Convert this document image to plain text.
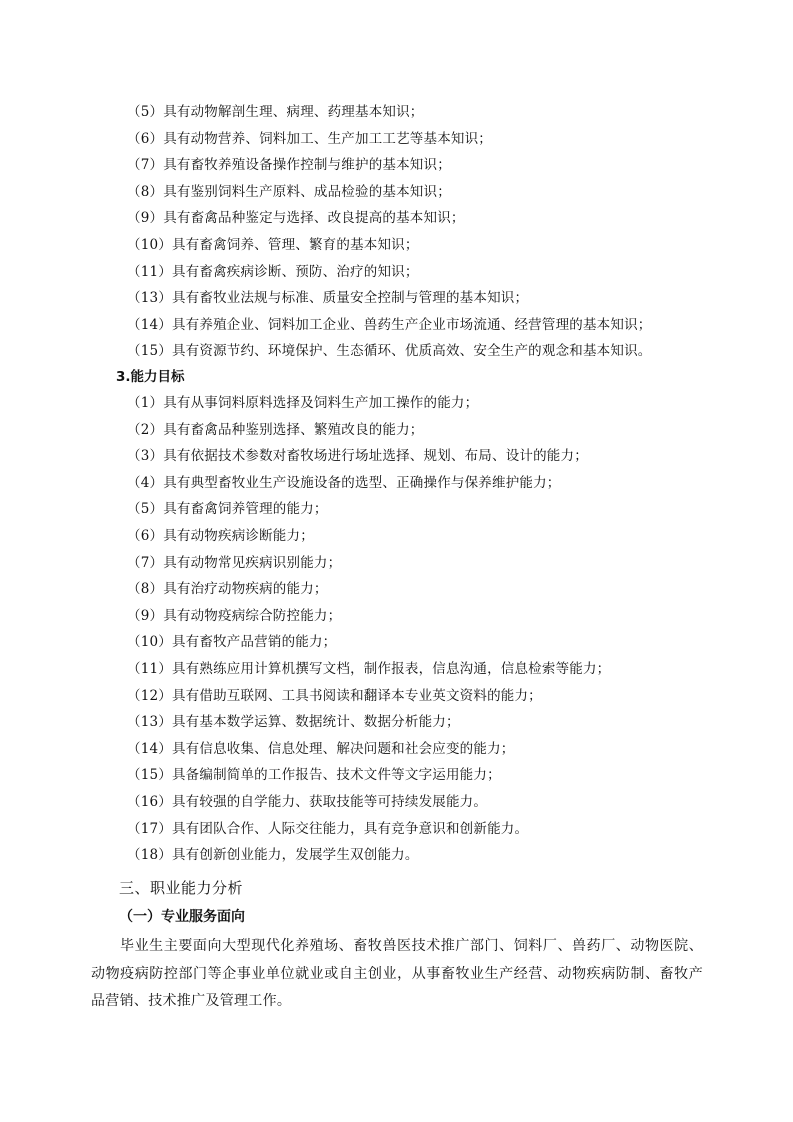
（5）具有动物解剖生理、病理、药理基本知识；
（6）具有动物营养、饲料加工、生产加工工艺等基本知识；
（7）具有畜牧养殖设备操作控制与维护的基本知识；
（8）具有鉴别饲料生产原料、成品检验的基本知识；
（9）具有畜禽品种鉴定与选择、改良提高的基本知识；
（10）具有畜禽饲养、管理、繁育的基本知识；
（11）具有畜禽疾病诊断、预防、治疗的知识；
（13）具有畜牧业法规与标准、质量安全控制与管理的基本知识；
（14）具有养殖企业、饲料加工企业、兽药生产企业市场流通、经营管理的基本知识；
（15）具有资源节约、环境保护、生态循环、优质高效、安全生产的观念和基本知识。
3.能力目标
（1）具有从事饲料原料选择及饲料生产加工操作的能力；
（2）具有畜禽品种鉴别选择、繁殖改良的能力；
（3）具有依据技术参数对畜牧场进行场址选择、规划、布局、设计的能力；
（4）具有典型畜牧业生产设施设备的选型、正确操作与保养维护能力；
（5）具有畜禽饲养管理的能力；
（6）具有动物疾病诊断能力；
（7）具有动物常见疾病识别能力；
（8）具有治疗动物疾病的能力；
（9）具有动物疫病综合防控能力；
（10）具有畜牧产品营销的能力；
（11）具有熟练应用计算机撰写文档，制作报表，信息沟通，信息检索等能力；
（12）具有借助互联网、工具书阅读和翻译本专业英文资料的能力；
（13）具有基本数学运算、数据统计、数据分析能力；
（14）具有信息收集、信息处理、解决问题和社会应变的能力；
（15）具备编制简单的工作报告、技术文件等文字运用能力；
（16）具有较强的自学能力、获取技能等可持续发展能力。
（17）具有团队合作、人际交往能力，具有竞争意识和创新能力。
（18）具有创新创业能力，发展学生双创能力。
三、职业能力分析
（一）专业服务面向
毕业生主要面向大型现代化养殖场、畜牧兽医技术推广部门、饲料厂、兽药厂、动物医院、动物疫病防控部门等企事业单位就业或自主创业，从事畜牧业生产经营、动物疾病防制、畜牧产品营销、技术推广及管理工作。
